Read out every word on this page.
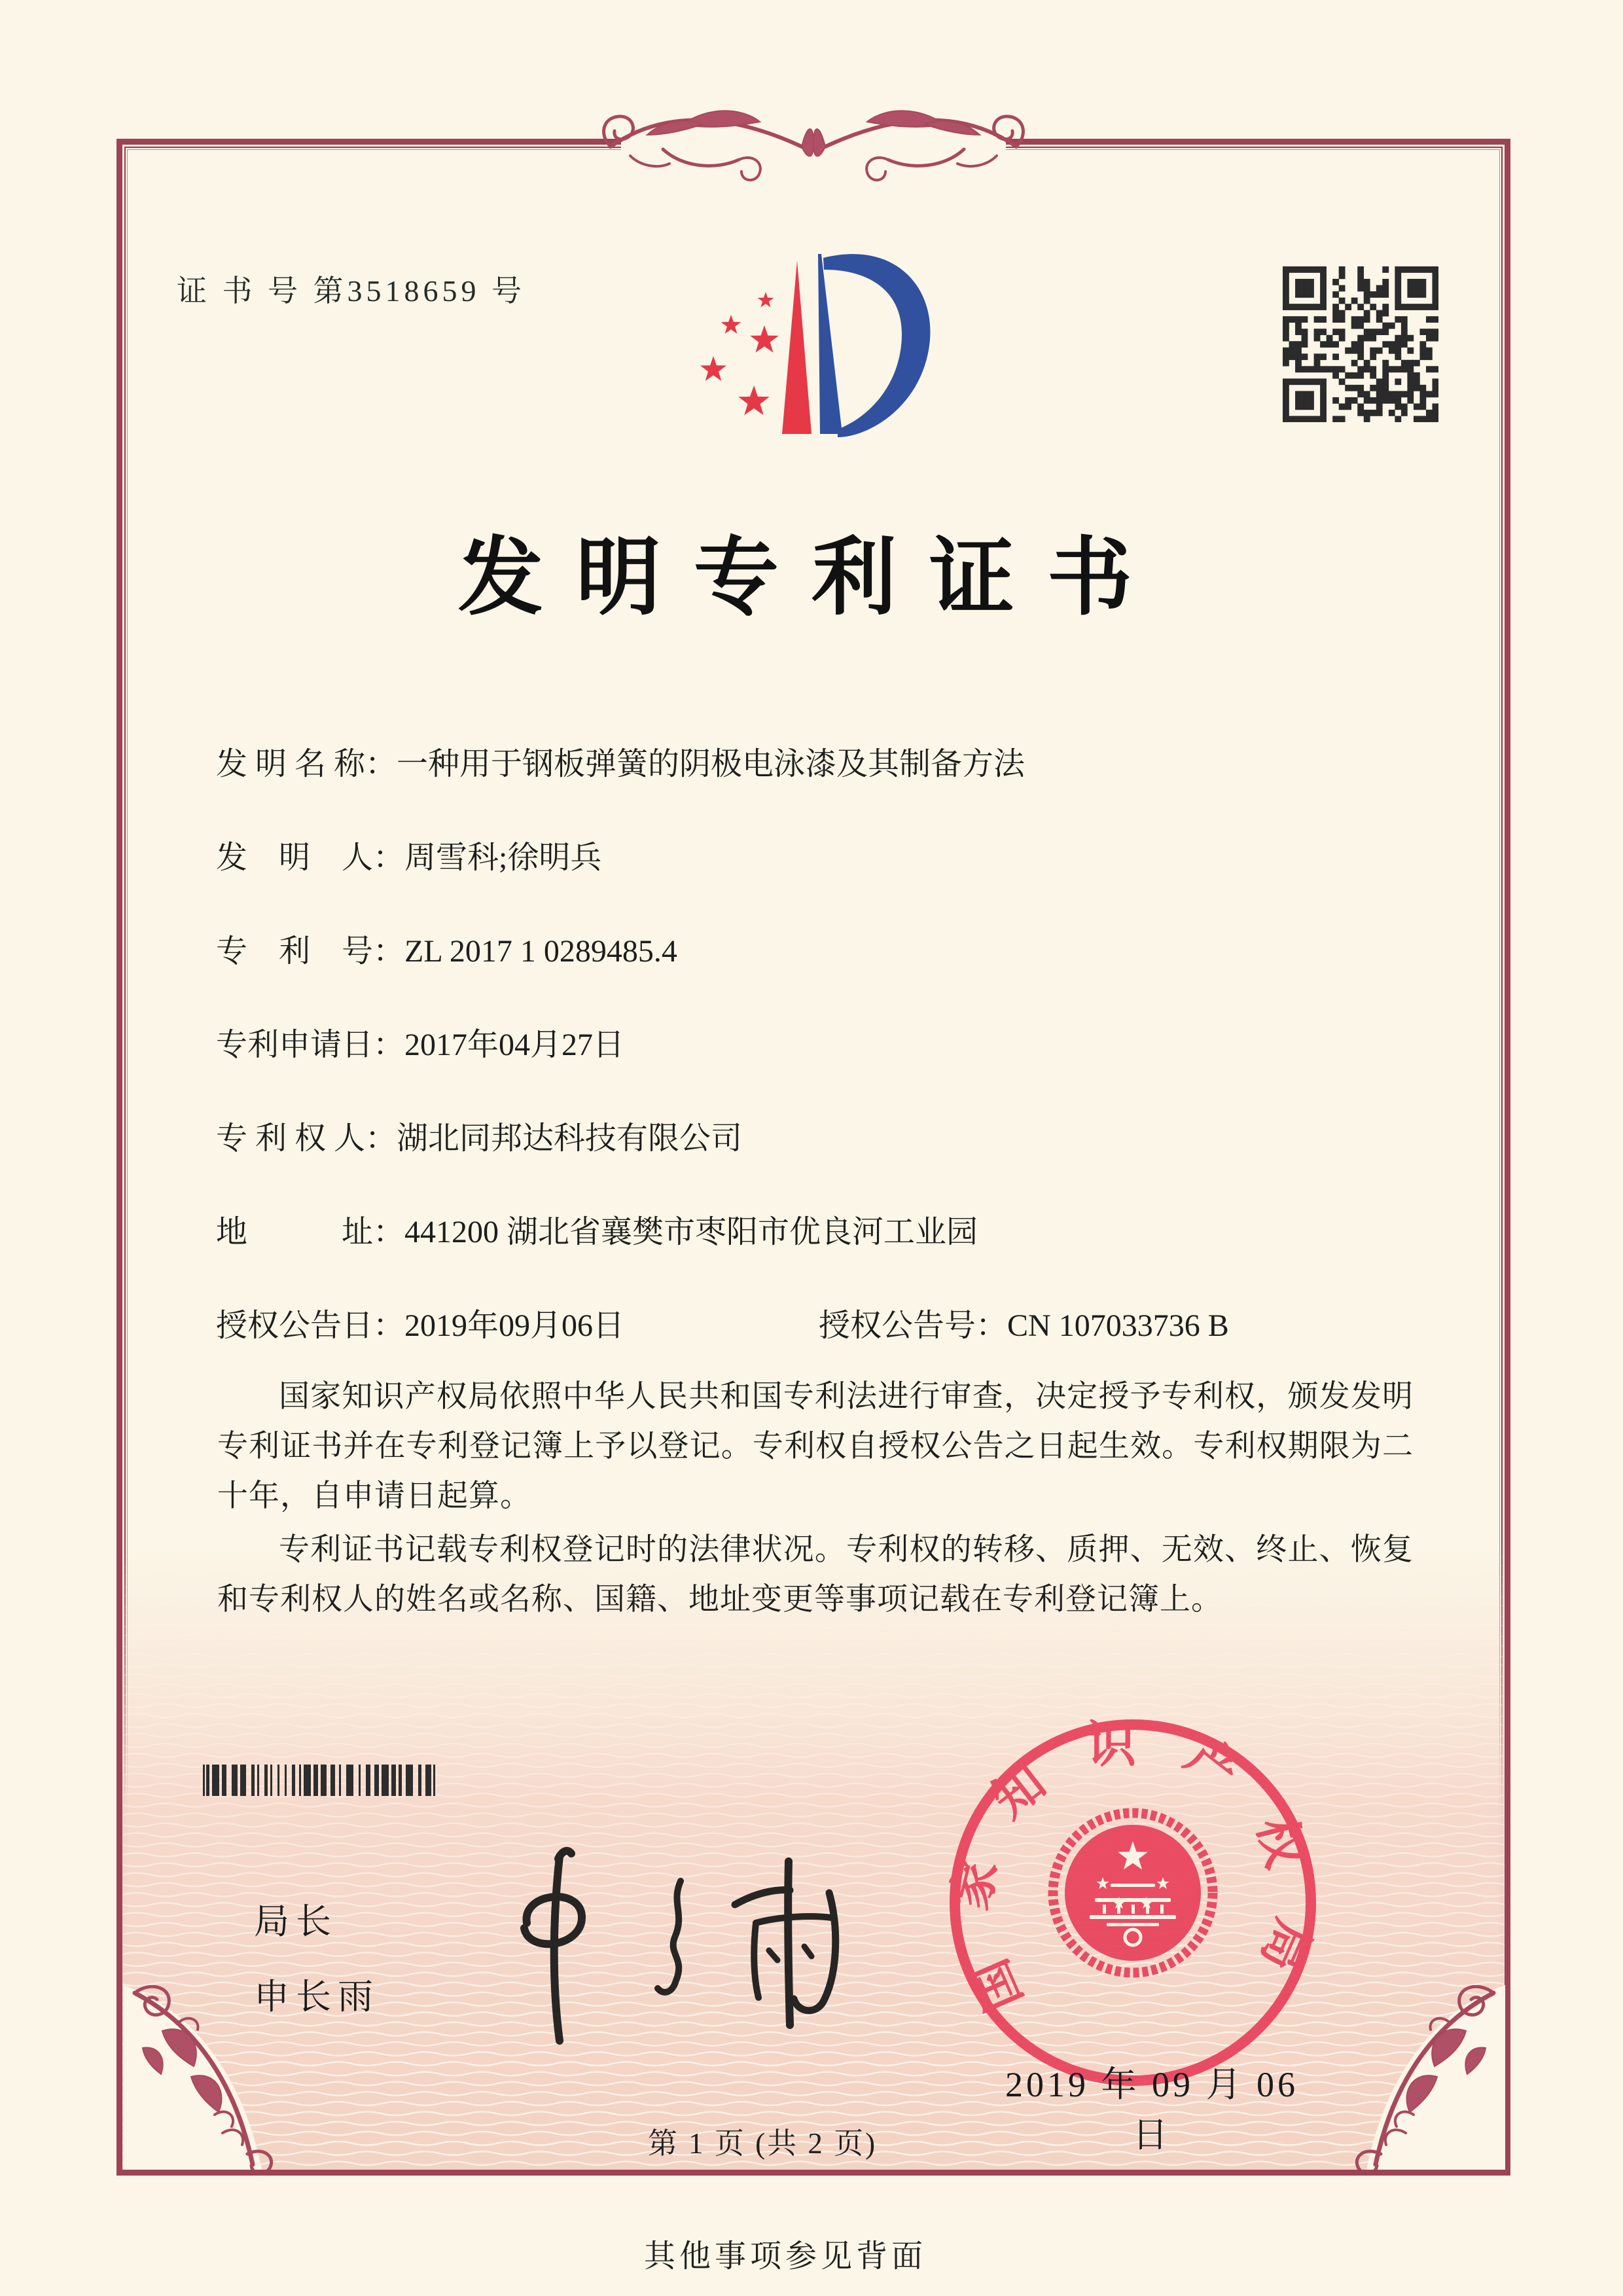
证 书 号 第3518659 号
发明专利证书
发 明 名 称：一种用于钢板弹簧的阴极电泳漆及其制备方法
发　明　人：周雪科;徐明兵
专　利　号：ZL 2017 1 0289485.4
专利申请日：2017年04月27日
专 利 权 人：湖北同邦达科技有限公司
地　　　址：441200 湖北省襄樊市枣阳市优良河工业园
授权公告日：2019年09月06日	授权公告号：CN 107033736 B

国家知识产权局依照中华人民共和国专利法进行审查，决定授予专利权，颁发发明专利证书并在专利登记簿上予以登记。专利权自授权公告之日起生效。专利权期限为二十年，自申请日起算。

专利证书记载专利权登记时的法律状况。专利权的转移、质押、无效、终止、恢复和专利权人的姓名或名称、国籍、地址变更等事项记载在专利登记簿上。

局长
申长雨	国家知识产权局
2019 年 09 月 06 日
第 1 页 (共 2 页)
其他事项参见背面
